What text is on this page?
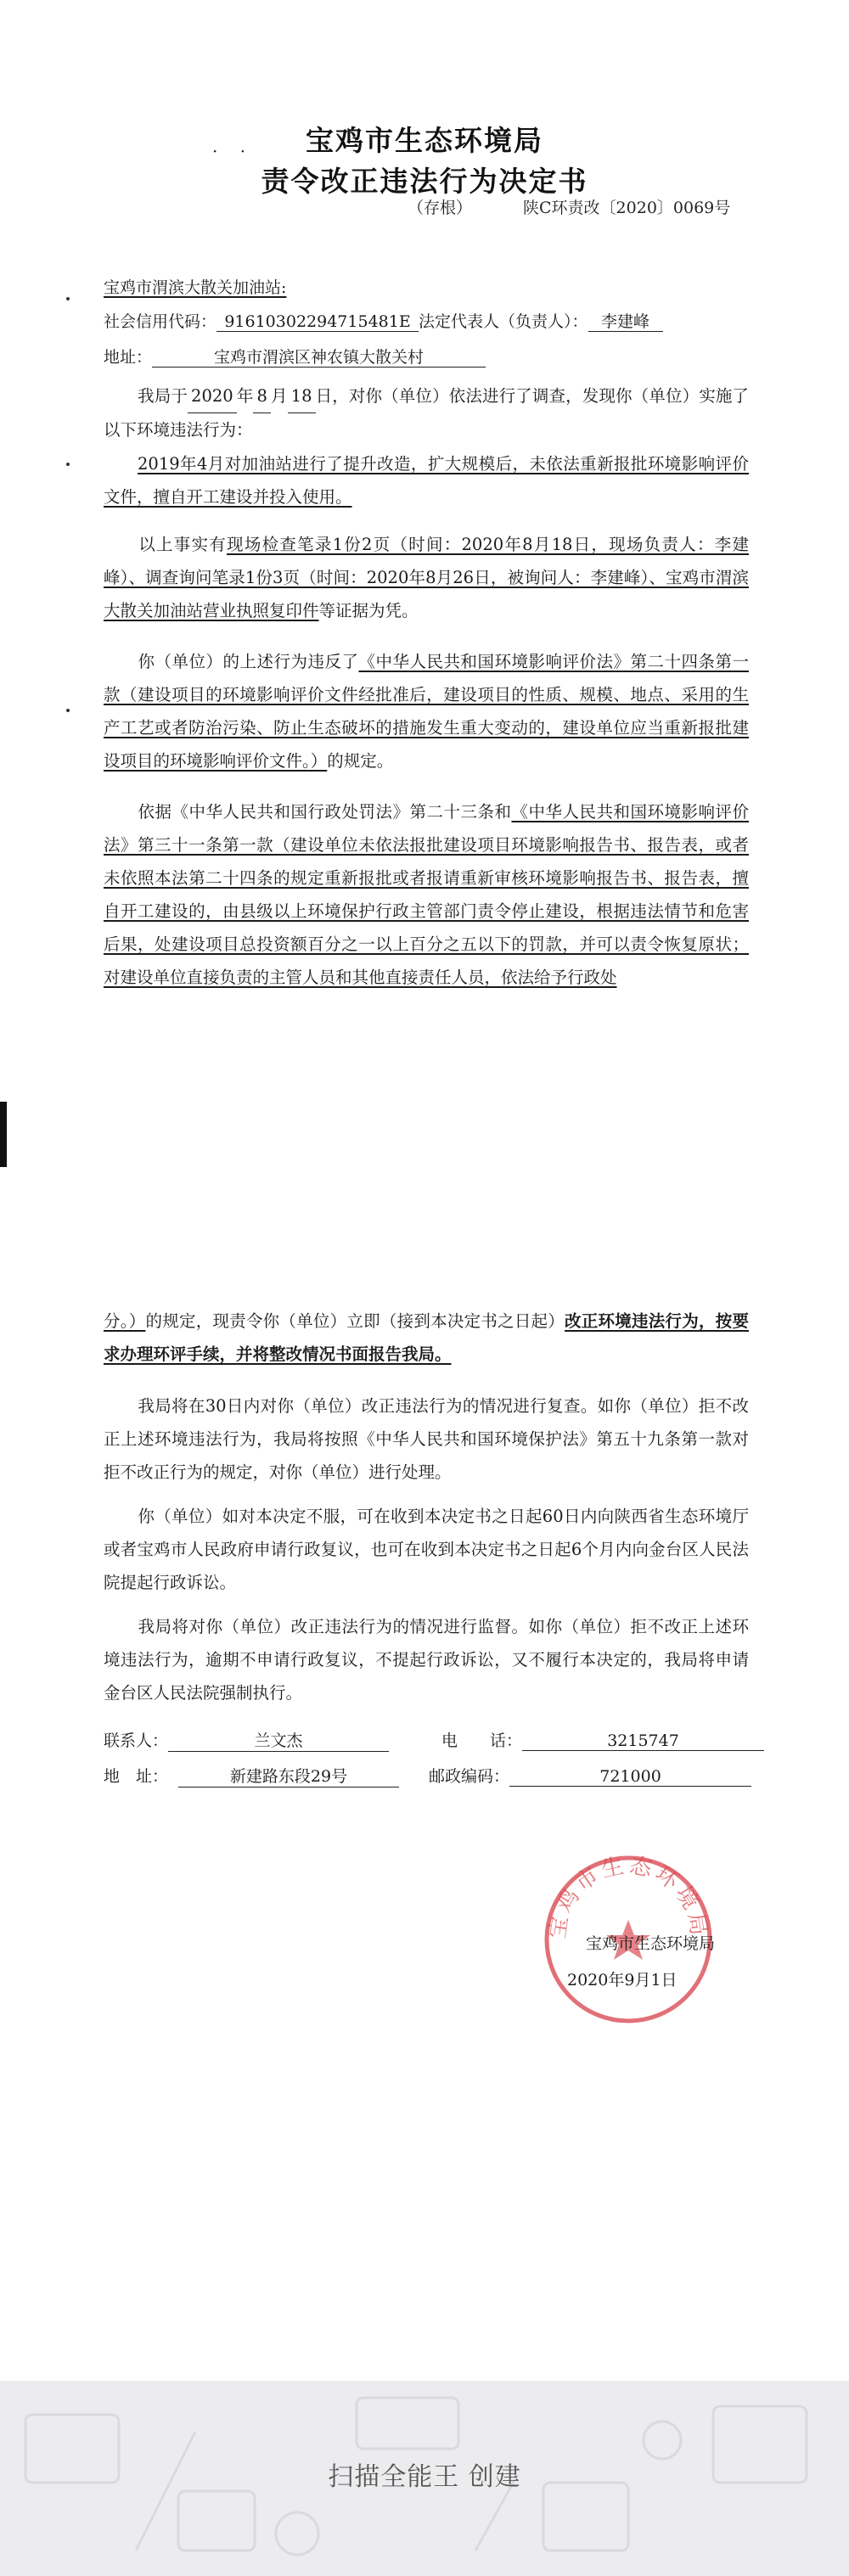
宝鸡市生态环境局
责令改正违法行为决定书
· ·
（存根）	陕C环责改〔2020〕0069号
宝鸡市渭滨大散关加油站:
社会信用代码： 91610302294715481E 法定代表人（负责人）： 李建峰
地址：	宝鸡市渭滨区神农镇大散关村
我局于 2020 年 8 月 18 日，对你（单位）依法进行了调查，发现你（单位）实施了以下环境违法行为：
2019年4月对加油站进行了提升改造，扩大规模后，未依法重新报批环境影响评价文件，擅自开工建设并投入使用。
以上事实有现场检查笔录1份2页（时间：2020年8月18日，现场负责人：李建峰）、调查询问笔录1份3页（时间：2020年8月26日，被询问人：李建峰）、宝鸡市渭滨大散关加油站营业执照复印件等证据为凭。
你（单位）的上述行为违反了《中华人民共和国环境影响评价法》第二十四条第一款（建设项目的环境影响评价文件经批准后，建设项目的性质、规模、地点、采用的生产工艺或者防治污染、防止生态破坏的措施发生重大变动的，建设单位应当重新报批建设项目的环境影响评价文件。）的规定。
依据《中华人民共和国行政处罚法》第二十三条和《中华人民共和国环境影响评价法》第三十一条第一款（建设单位未依法报批建设项目环境影响报告书、报告表，或者未依照本法第二十四条的规定重新报批或者报请重新审核环境影响报告书、报告表，擅自开工建设的，由县级以上环境保护行政主管部门责令停止建设，根据违法情节和危害后果，处建设项目总投资额百分之一以上百分之五以下的罚款，并可以责令恢复原状；对建设单位直接负责的主管人员和其他直接责任人员，依法给予行政处
分。）的规定，现责令你（单位）立即（接到本决定书之日起）改正环境违法行为，按要求办理环评手续，并将整改情况书面报告我局。
我局将在30日内对你（单位）改正违法行为的情况进行复查。如你（单位）拒不改正上述环境违法行为，我局将按照《中华人民共和国环境保护法》第五十九条第一款对拒不改正行为的规定，对你（单位）进行处理。
你（单位）如对本决定不服，可在收到本决定书之日起60日内向陕西省生态环境厅或者宝鸡市人民政府申请行政复议，也可在收到本决定书之日起6个月内向金台区人民法院提起行政诉讼。
我局将对你（单位）改正违法行为的情况进行监督。如你（单位）拒不改正上述环境违法行为，逾期不申请行政复议，不提起行政诉讼，又不履行本决定的，我局将申请金台区人民法院强制执行。
联系人：	兰文杰	电　　话：	3215747
地　址：	新建路东段29号	邮政编码：	721000
宝鸡市生态环境局
宝鸡市生态环境局
2020年9月1日
扫描全能王 创建
